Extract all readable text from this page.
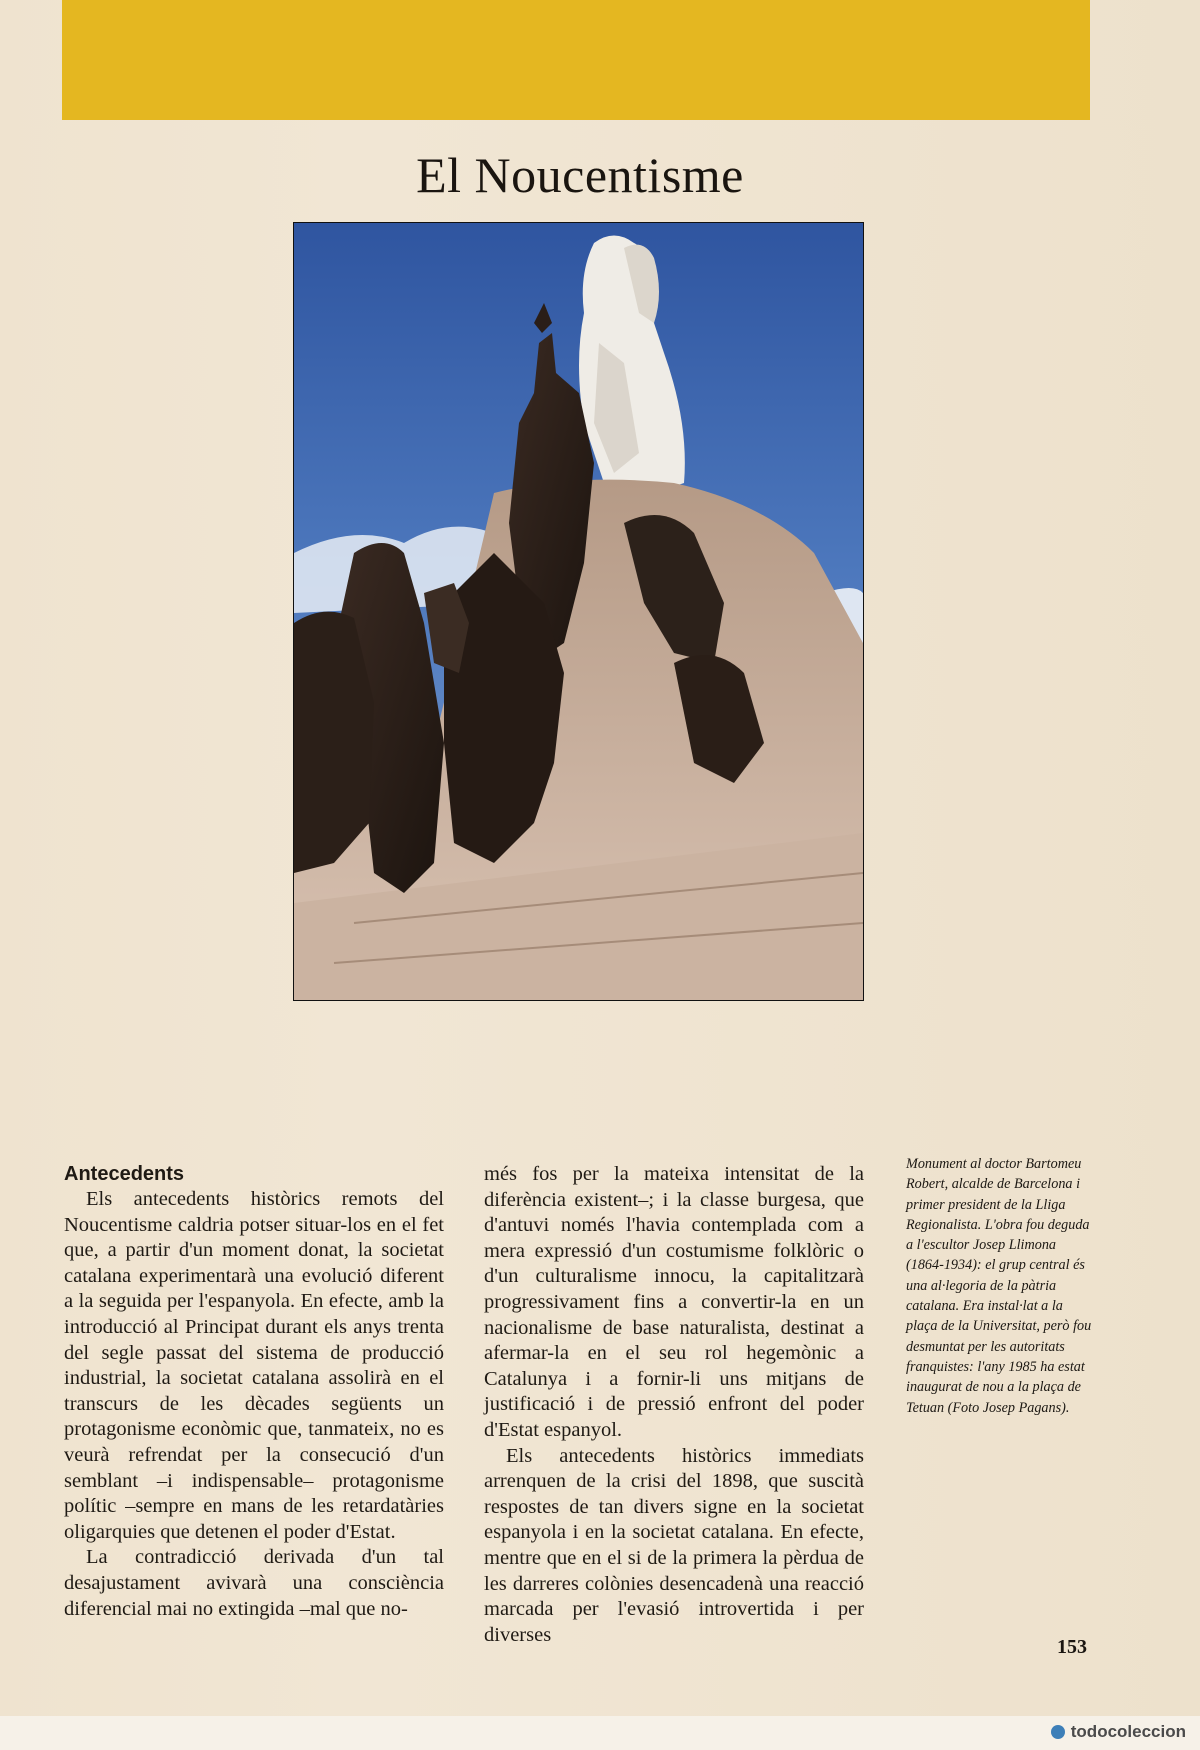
El Noucentisme
Antecedents

Els antecedents històrics remots del Noucentisme caldria potser situar-los en el fet que, a partir d'un moment donat, la societat catalana experimentarà una evolució diferent a la seguida per l'espanyola. En efecte, amb la introducció al Principat durant els anys trenta del segle passat del sistema de producció industrial, la societat catalana assolirà en el transcurs de les dècades següents un protagonisme econòmic que, tanmateix, no es veurà refrendat per la consecució d'un semblant –i indispensable– protagonisme polític –sempre en mans de les retardatàries oligarquies que detenen el poder d'Estat.

La contradicció derivada d'un tal desajustament avivarà una consciència diferencial mai no extingida –mal que no-

més fos per la mateixa intensitat de la diferència existent–; i la classe burgesa, que d'antuvi només l'havia contemplada com a mera expressió d'un costumisme folklòric o d'un culturalisme innocu, la capitalitzarà progressivament fins a convertir-la en un nacionalisme de base naturalista, destinat a afermar-la en el seu rol hegemònic a Catalunya i a fornir-li uns mitjans de justificació i de pressió enfront del poder d'Estat espanyol.

Els antecedents històrics immediats arrenquen de la crisi del 1898, que suscità respostes de tan divers signe en la societat espanyola i en la societat catalana. En efecte, mentre que en el si de la primera la pèrdua de les darreres colònies desencadenà una reacció marcada per l'evasió introvertida i per diverses

Monument al doctor Bartomeu Robert, alcalde de Barcelona i primer president de la Lliga Regionalista. L'obra fou deguda a l'escultor Josep Llimona (1864-1934): el grup central és una al·legoria de la pàtria catalana. Era instal·lat a la plaça de la Universitat, però fou desmuntat per les autoritats franquistes: l'any 1985 ha estat inaugurat de nou a la plaça de Tetuan (Foto Josep Pagans).
153
todocoleccion
